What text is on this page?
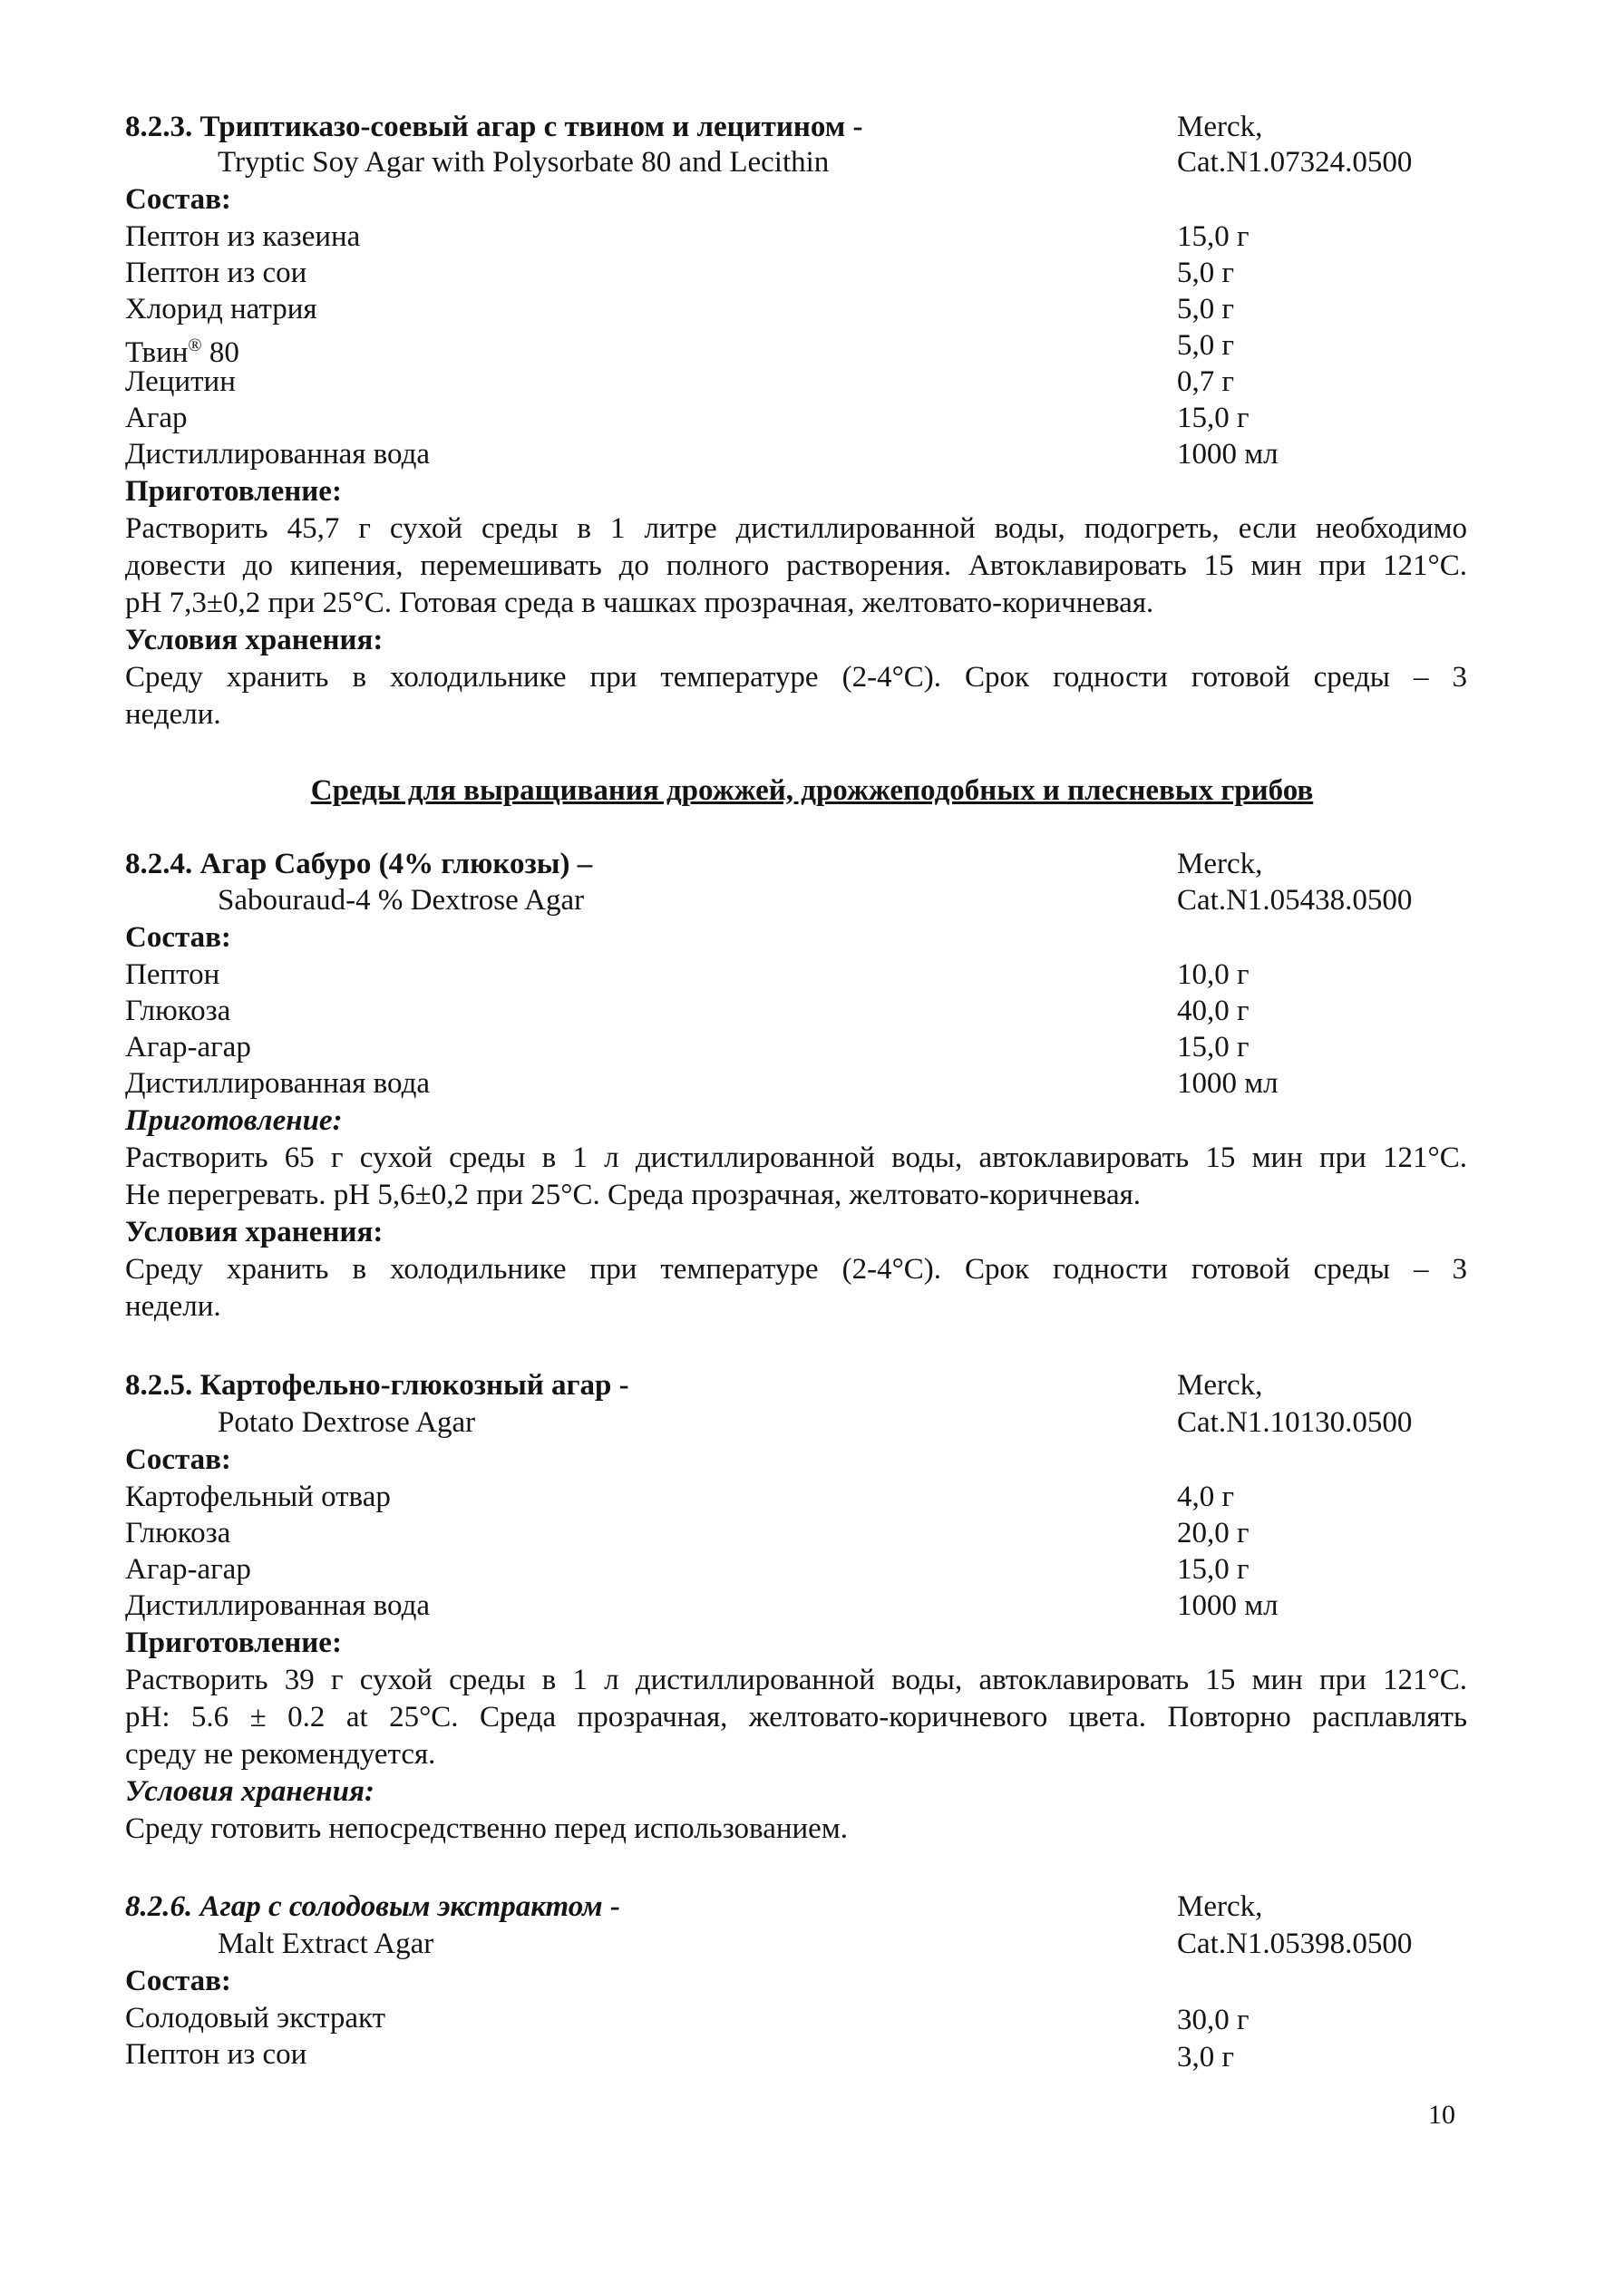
8.2.3. Триптиказо-соевый агар с твином и лецитином -	Merck,
Tryptic Soy Agar with Polysorbate 80 and Lecithin	Cat.N1.07324.0500
Состав:
Пептон из казеина	15,0 г
Пептон из сои	5,0 г
Хлорид натрия	5,0 г
Твин® 80	5,0 г
Лецитин	0,7 г
Агар	15,0 г
Дистиллированная вода	1000 мл
Приготовление:
Растворить 45,7 г сухой среды в 1 литре дистиллированной воды, подогреть, если необходимо
довести до кипения, перемешивать до полного растворения. Автоклавировать 15 мин при 121°С.
pH 7,3±0,2 при 25°С. Готовая среда в чашках прозрачная, желтовато-коричневая.
Условия хранения:
Среду хранить в холодильнике при температуре (2-4°С). Срок годности готовой среды – 3
недели.
Среды для выращивания дрожжей, дрожжеподобных и плесневых грибов
8.2.4. Агар Сабуро (4% глюкозы) –	Merck,
Sabouraud-4 % Dextrose Agar	Cat.N1.05438.0500
Состав:
Пептон	10,0 г
Глюкоза	40,0 г
Агар-агар	15,0 г
Дистиллированная вода	1000 мл
Приготовление:
Растворить 65 г сухой среды в 1 л дистиллированной воды, автоклавировать 15 мин при 121°С.
Не перегревать. pH 5,6±0,2 при 25°С. Среда прозрачная, желтовато-коричневая.
Условия хранения:
Среду хранить в холодильнике при температуре (2-4°С). Срок годности готовой среды – 3
недели.
8.2.5. Картофельно-глюкозный агар -	Merck,
Potato Dextrose Agar	Cat.N1.10130.0500
Состав:
Картофельный отвар	4,0 г
Глюкоза	20,0 г
Агар-агар	15,0 г
Дистиллированная вода	1000 мл
Приготовление:
Растворить 39 г сухой среды в 1 л дистиллированной воды, автоклавировать 15 мин при 121°С.
pH: 5.6 ± 0.2 at 25°C. Среда прозрачная, желтовато-коричневого цвета. Повторно расплавлять
среду не рекомендуется.
Условия хранения:
Среду готовить непосредственно перед использованием.
8.2.6. Агар с солодовым экстрактом -	Merck,
Malt Extract Agar	Cat.N1.05398.0500
Состав:
Солодовый экстракт	30,0 г
Пептон из сои	3,0 г
10
